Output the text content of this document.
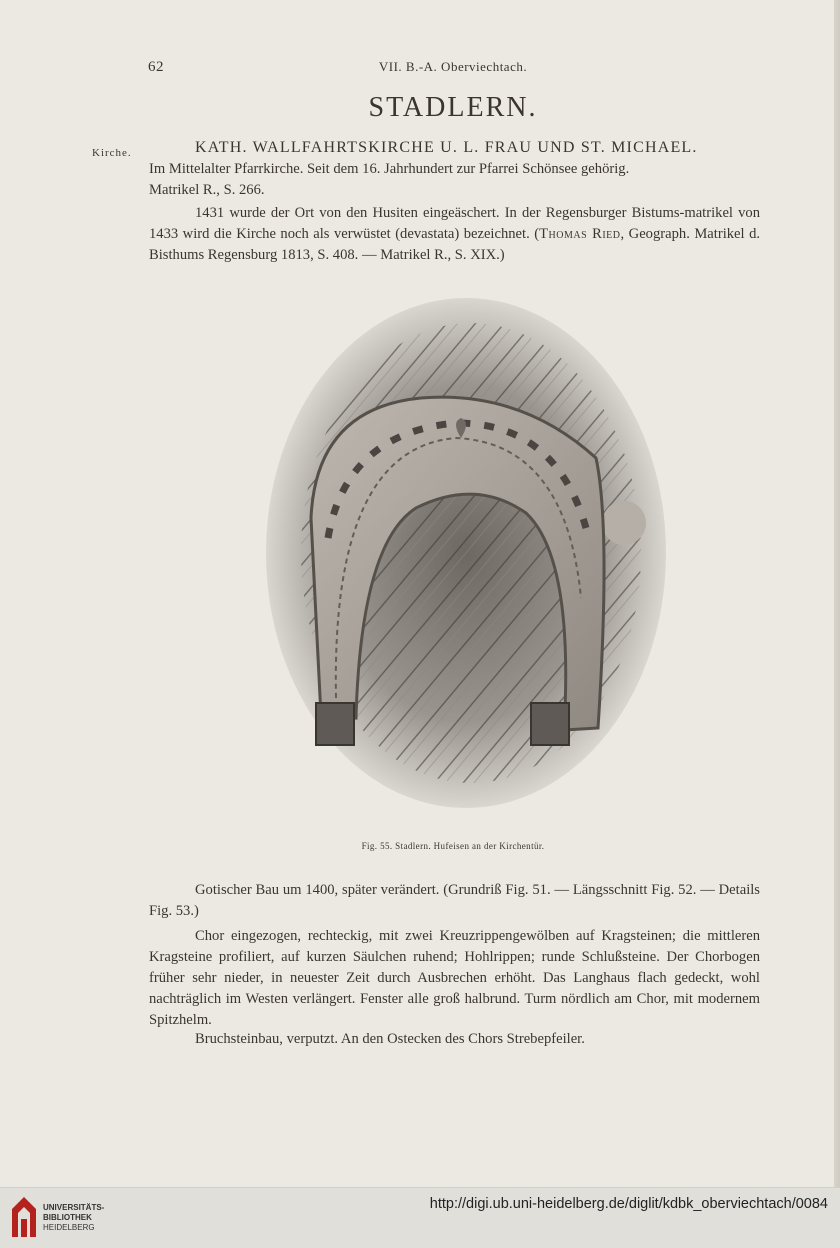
62	VII. B.-A. Oberviechtach.
STADLERN.
Kirche.	KATH. WALLFAHRTSKIRCHE U. L. FRAU UND ST. MICHAEL.

Im Mittelalter Pfarrkirche. Seit dem 16. Jahrhundert zur Pfarrei Schönsee gehörig.

Matrikel R., S. 266.

1431 wurde der Ort von den Husiten eingeäschert. In der Regensburger Bistums-matrikel von 1433 wird die Kirche noch als verwüstet (devastata) bezeichnet. (Thomas Ried, Geograph. Matrikel d. Bisthums Regensburg 1813, S. 408. — Matrikel R., S. XIX.)

Fig. 55. Stadlern. Hufeisen an der Kirchentür.

Gotischer Bau um 1400, später verändert. (Grundriß Fig. 51. — Längsschnitt Fig. 52. — Details Fig. 53.)

Chor eingezogen, rechteckig, mit zwei Kreuzrippengewölben auf Kragsteinen; die mittleren Kragsteine profiliert, auf kurzen Säulchen ruhend; Hohlrippen; runde Schlußsteine. Der Chorbogen früher sehr nieder, in neuester Zeit durch Ausbrechen erhöht. Das Langhaus flach gedeckt, wohl nachträglich im Westen verlängert. Fenster alle groß halbrund. Turm nördlich am Chor, mit modernem Spitzhelm.

Bruchsteinbau, verputzt. An den Ostecken des Chors Strebepfeiler.

UNIVERSITÄTS-
BIBLIOTHEK
HEIDELBERG
http://digi.ub.uni-heidelberg.de/diglit/kdbk_oberviechtach/0084
